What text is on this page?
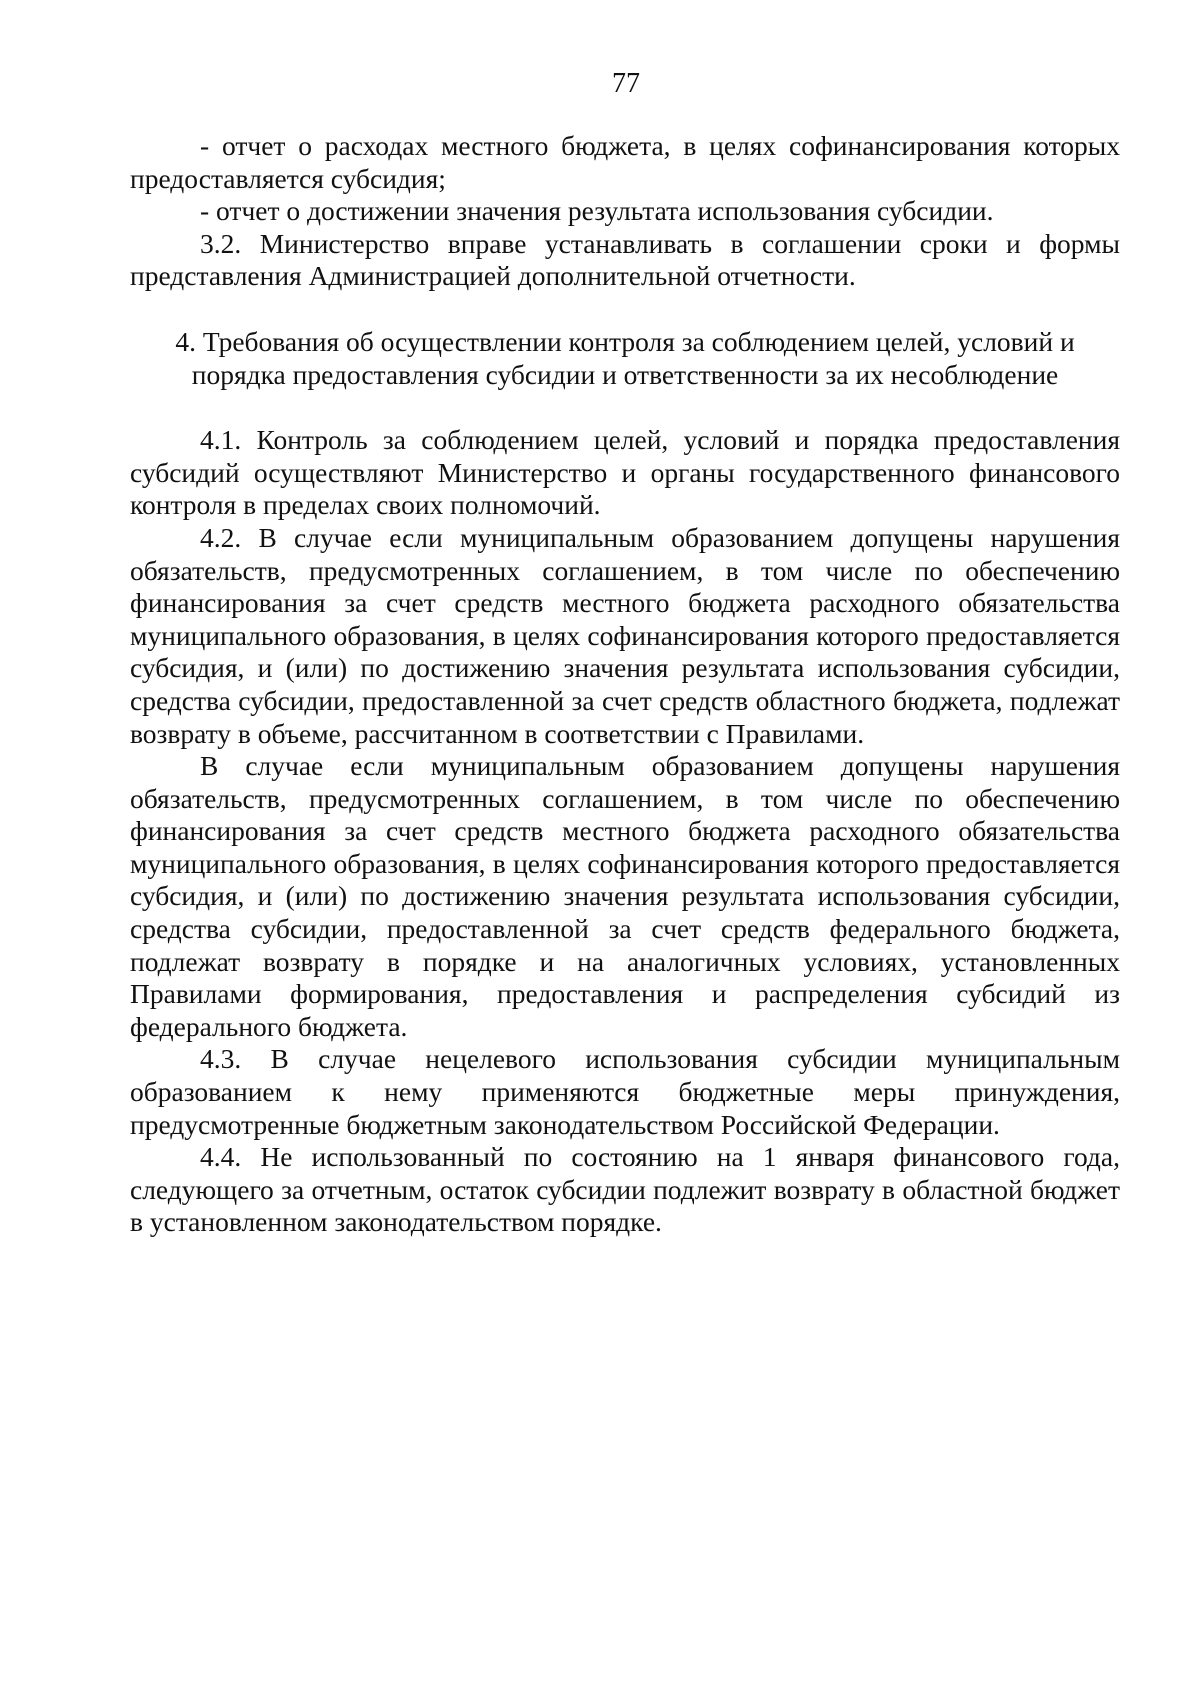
77

- отчет о расходах местного бюджета, в целях софинансирования которых предоставляется субсидия;

- отчет о достижении значения результата использования субсидии.

3.2. Министерство вправе устанавливать в соглашении сроки и формы представления Администрацией дополнительной отчетности.

4. Требования об осуществлении контроля за соблюдением целей, условий и порядка предоставления субсидии и ответственности за их несоблюдение

4.1. Контроль за соблюдением целей, условий и порядка предоставления субсидий осуществляют Министерство и органы государственного финансового контроля в пределах своих полномочий.

4.2. В случае если муниципальным образованием допущены нарушения обязательств, предусмотренных соглашением, в том числе по обеспечению финансирования за счет средств местного бюджета расходного обязательства муниципального образования, в целях софинансирования которого предоставляется субсидия, и (или) по достижению значения результата использования субсидии, средства субсидии, предоставленной за счет средств областного бюджета, подлежат возврату в объеме, рассчитанном в соответствии с Правилами.

В случае если муниципальным образованием допущены нарушения обязательств, предусмотренных соглашением, в том числе по обеспечению финансирования за счет средств местного бюджета расходного обязательства муниципального образования, в целях софинансирования которого предоставляется субсидия, и (или) по достижению значения результата использования субсидии, средства субсидии, предоставленной за счет средств федерального бюджета, подлежат возврату в порядке и на аналогичных условиях, установленных Правилами формирования, предоставления и распределения субсидий из федерального бюджета.

4.3. В случае нецелевого использования субсидии муниципальным образованием к нему применяются бюджетные меры принуждения, предусмотренные бюджетным законодательством Российской Федерации.

4.4. Не использованный по состоянию на 1 января финансового года, следующего за отчетным, остаток субсидии подлежит возврату в областной бюджет в установленном законодательством порядке.
